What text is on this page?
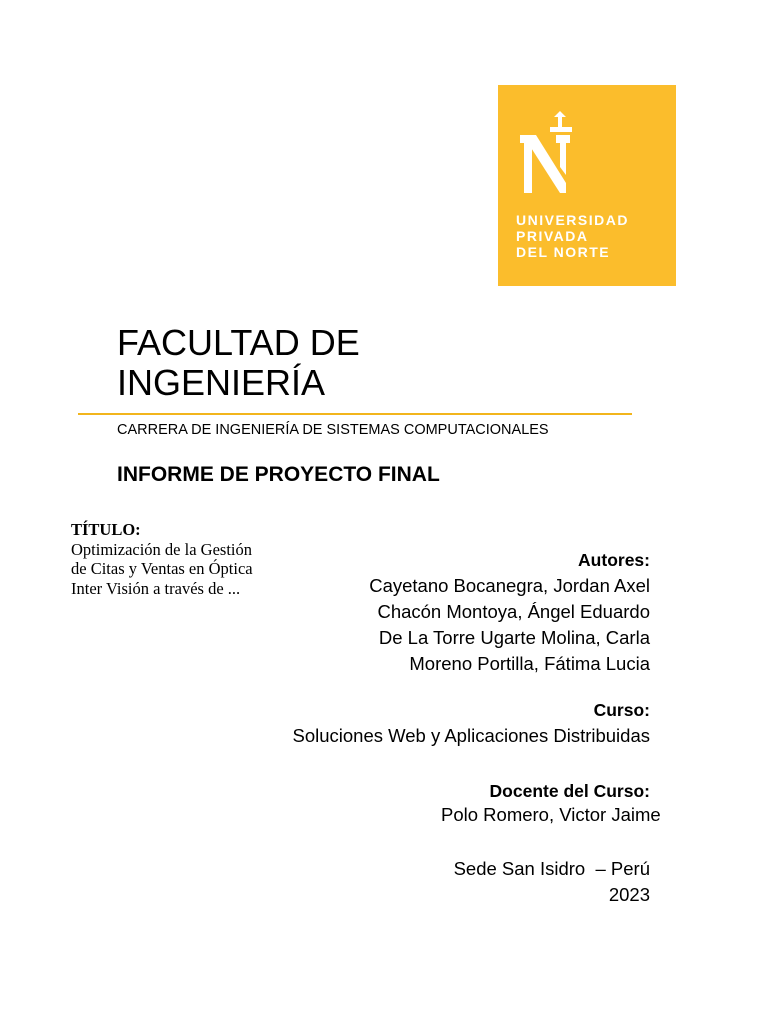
UNIVERSIDAD
PRIVADA
DEL NORTE
FACULTAD DE
INGENIERÍA
CARRERA DE INGENIERÍA DE SISTEMAS COMPUTACIONALES
INFORME DE PROYECTO FINAL
TÍTULO:
Optimización de la Gestión de Citas y Ventas en Óptica Inter Visión a través de ...
Autores:
Cayetano Bocanegra, Jordan Axel
Chacón Montoya, Ángel Eduardo
De La Torre Ugarte Molina, Carla
Moreno Portilla, Fátima Lucia
Curso:
Soluciones Web y Aplicaciones Distribuidas
Docente del Curso:
Polo Romero, Victor Jaime
Sede San Isidro  – Perú
2023
